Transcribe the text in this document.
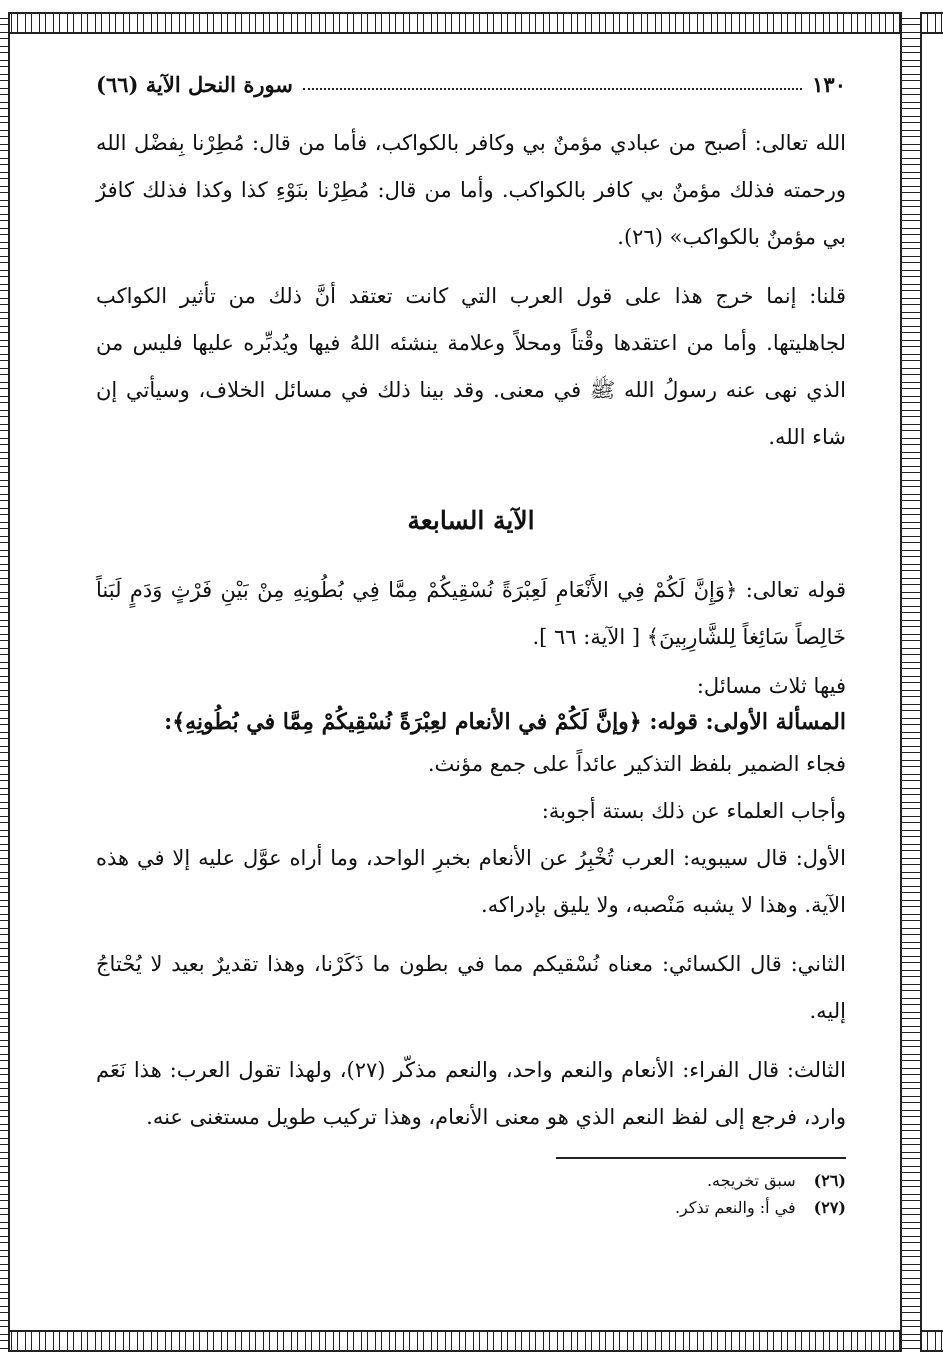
١٣٠
سورة النحل الآية (٦٦)

الله تعالى: أصبح من عبادي مؤمنٌ بي وكافر بالكواكب، فأما من قال: مُطِرْنا بِفضْل الله ورحمته فذلك مؤمنٌ بي كافر بالكواكب. وأما من قال: مُطِرْنا بنَوْءِ كذا وكذا فذلك كافرٌ بي مؤمنٌ بالكواكب» (٢٦).

قلنا: إنما خرج هذا على قول العرب التي كانت تعتقد أنَّ ذلك من تأثير الكواكب لجاهليتها. وأما من اعتقدها وقْتاً ومحلاً وعلامة ينشئه اللهُ فيها ويُدبِّره عليها فليس من الذي نهى عنه رسولُ الله ﷺ في معنى. وقد بينا ذلك في مسائل الخلاف، وسيأتي إن شاء الله.

الآية السابعة

قوله تعالى: ﴿وَإِنَّ لَكُمْ فِي الأَنْعَامِ لَعِبْرَةً نُسْقِيكُمْ مِمَّا فِي بُطُونِهِ مِنْ بَيْنِ فَرْثٍ وَدَمٍ لَبَناً خَالِصاً سَائِغاً لِلشَّارِبِينَ﴾ [ الآية: ٦٦ ].

فيها ثلاث مسائل:

المسألة الأولى: قوله: ﴿وإنَّ لَكُمْ في الأنعام لعِبْرَةً نُسْقِيكُمْ مِمَّا في بُطُونِهِ﴾:

فجاء الضمير بلفظ التذكير عائداً على جمع مؤنث.

وأجاب العلماء عن ذلك بستة أجوبة:

الأول: قال سيبويه: العرب تُخْبِرُ عن الأنعام بخبرِ الواحد، وما أراه عوَّل عليه إلا في هذه الآية. وهذا لا يشبه مَنْصبه، ولا يليق بإدراكه.

الثاني: قال الكسائي: معناه نُسْقيكم مما في بطون ما ذَكَرْنا، وهذا تقديرٌ بعيد لا يُحْتاجُ إليه.

الثالث: قال الفراء: الأنعام والنعم واحد، والنعم مذكّر (٢٧)، ولهذا تقول العرب: هذا نَعَم وارد، فرجع إلى لفظ النعم الذي هو معنى الأنعام، وهذا تركيب طويل مستغنى عنه.

(٢٦)
سبق تخريجه.

(٢٧)
في أ: والنعم تذكر.
